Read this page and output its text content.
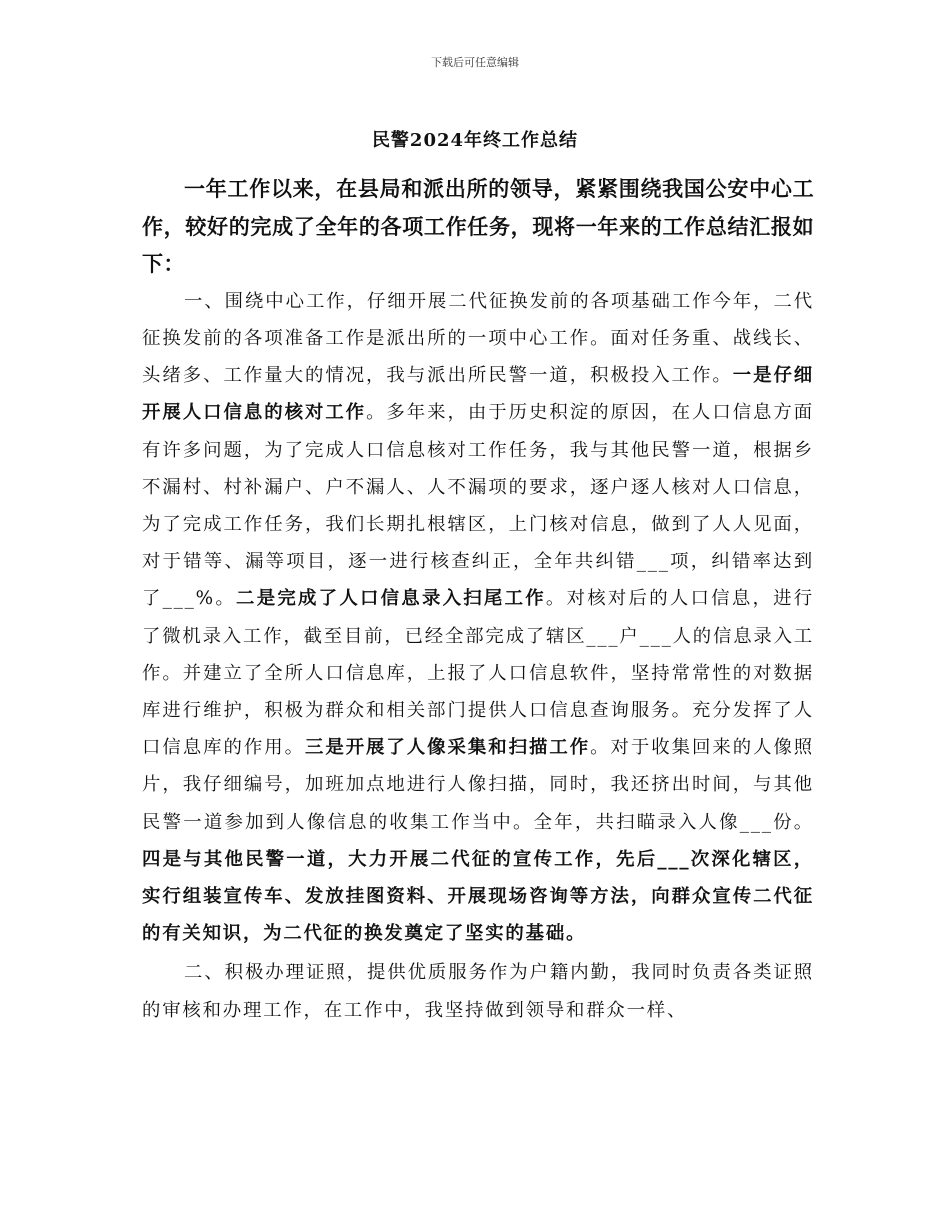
下载后可任意编辑
民警2024年终工作总结

一年工作以来，在县局和派出所的领导，紧紧围绕我国公安中心工作，较好的完成了全年的各项工作任务，现将一年来的工作总结汇报如下：

一、围绕中心工作，仔细开展二代征换发前的各项基础工作今年，二代征换发前的各项准备工作是派出所的一项中心工作。面对任务重、战线长、头绪多、工作量大的情况，我与派出所民警一道，积极投入工作。一是仔细开展人口信息的核对工作。多年来，由于历史积淀的原因，在人口信息方面有许多问题，为了完成人口信息核对工作任务，我与其他民警一道，根据乡不漏村、村补漏户、户不漏人、人不漏项的要求，逐户逐人核对人口信息，为了完成工作任务，我们长期扎根辖区，上门核对信息，做到了人人见面，对于错等、漏等项目，逐一进行核查纠正，全年共纠错___项，纠错率达到了___%。二是完成了人口信息录入扫尾工作。对核对后的人口信息，进行了微机录入工作，截至目前，已经全部完成了辖区___户___人的信息录入工作。并建立了全所人口信息库，上报了人口信息软件，坚持常常性的对数据库进行维护，积极为群众和相关部门提供人口信息查询服务。充分发挥了人口信息库的作用。三是开展了人像采集和扫描工作。对于收集回来的人像照片，我仔细编号，加班加点地进行人像扫描，同时，我还挤出时间，与其他民警一道参加到人像信息的收集工作当中。全年，共扫瞄录入人像___份。四是与其他民警一道，大力开展二代征的宣传工作，先后___次深化辖区，实行组装宣传车、发放挂图资料、开展现场咨询等方法，向群众宣传二代征的有关知识，为二代征的换发奠定了坚实的基础。

二、积极办理证照，提供优质服务作为户籍内勤，我同时负责各类证照的审核和办理工作，在工作中，我坚持做到领导和群众一样、
